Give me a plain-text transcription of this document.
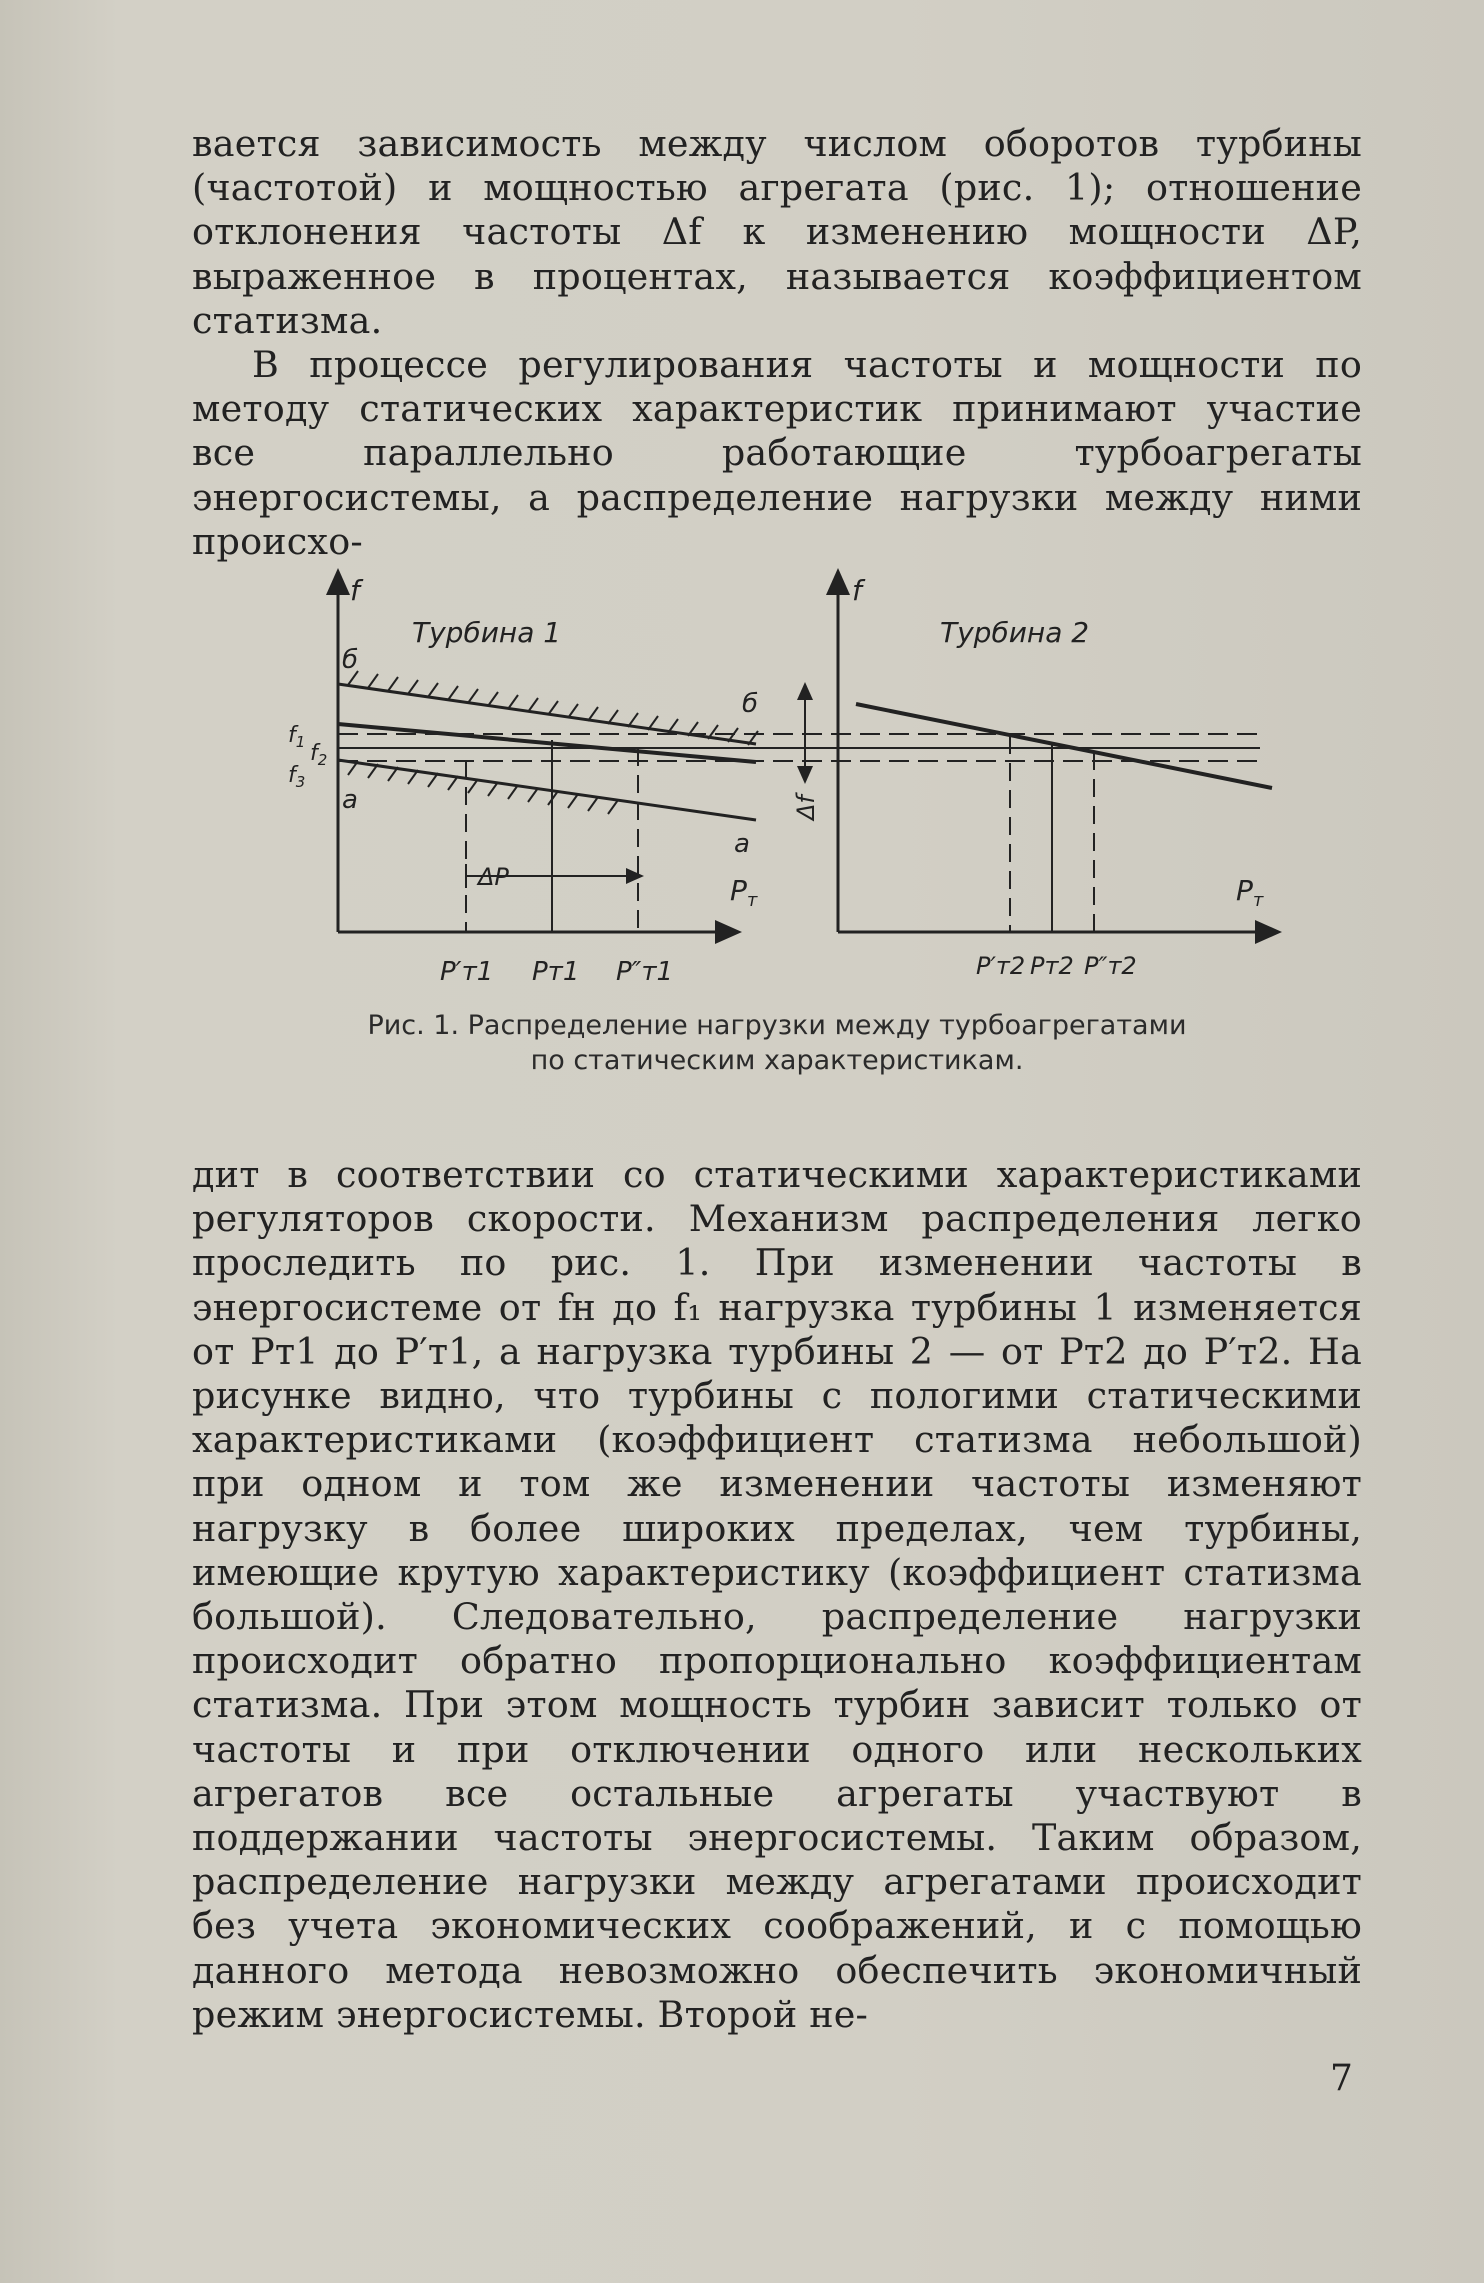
вается зависимость между числом оборотов турбины (частотой) и мощностью агрегата (рис. 1); отношение отклонения частоты Δf к изменению мощности ΔP, выраженное в процентах, называется коэффициентом статизма.

В процессе регулирования частоты и мощности по методу статических характеристик принимают участие все параллельно работающие турбоагрегаты энергосистемы, а распределение нагрузки между ними происхо-

Турбина 1	Турбина 2
f	f
б
б
a
a
$f_1$ $f_2$
$f_3$
ΔP
Δf
$P_т$	$P_т$
P′т1 Pт1 P″т1	P′т2 Pт2 P″т2
Рис. 1. Распределение нагрузки между турбоагрегатами
по статическим характеристикам.

дит в соответствии со статическими характеристиками регуляторов скорости. Механизм распределения легко проследить по рис. 1. При изменении частоты в энергосистеме от fн до f₁ нагрузка турбины 1 изменяется от Pт1 до P′т1, а нагрузка турбины 2 — от Pт2 до P′т2. На рисунке видно, что турбины с пологими статическими характеристиками (коэффициент статизма небольшой) при одном и том же изменении частоты изменяют нагрузку в более широких пределах, чем турбины, имеющие крутую характеристику (коэффициент статизма большой). Следовательно, распределение нагрузки происходит обратно пропорционально коэффициентам статизма. При этом мощность турбин зависит только от частоты и при отключении одного или нескольких агрегатов все остальные агрегаты участвуют в поддержании частоты энергосистемы. Таким образом, распределение нагрузки между агрегатами происходит без учета экономических соображений, и с помощью данного метода невозможно обеспечить экономичный режим энергосистемы. Второй не-

7
